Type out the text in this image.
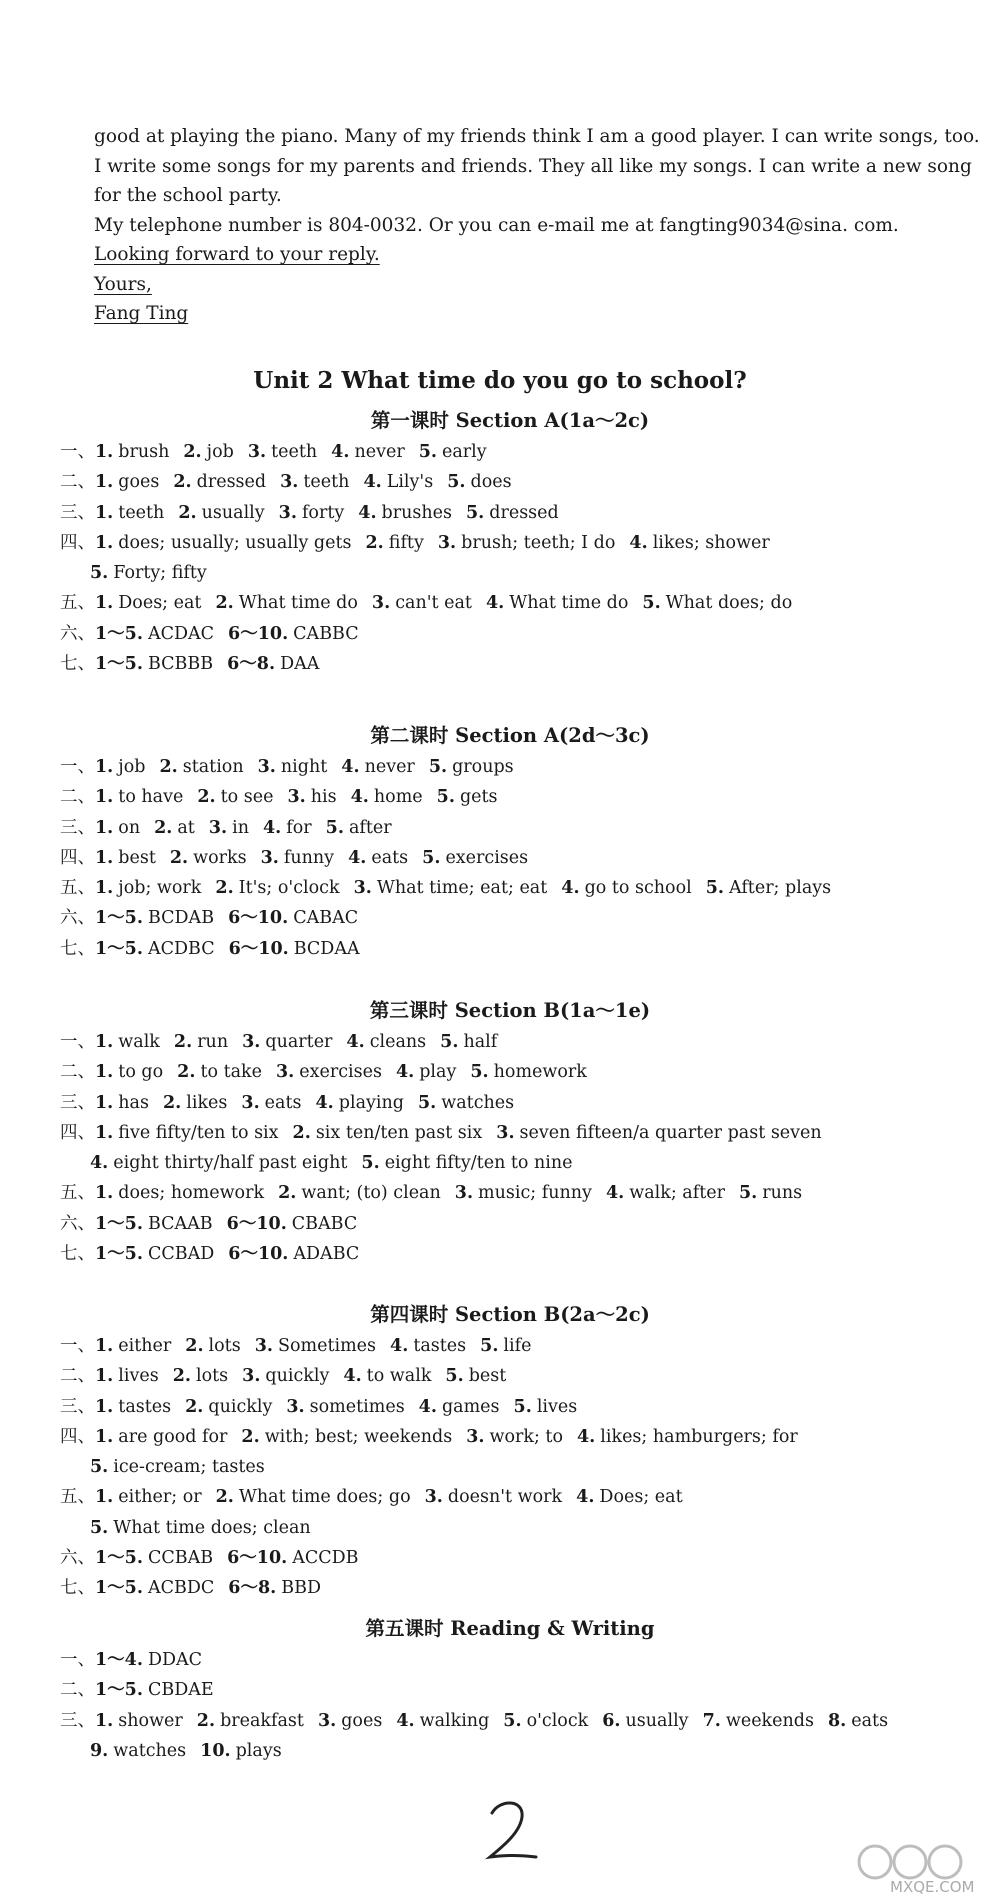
good at playing the piano. Many of my friends think I am a good player. I can write songs, too.
I write some songs for my parents and friends. They all like my songs. I can write a new song
for the school party.
My telephone number is 804-0032. Or you can e-mail me at fangting9034@sina. com.
Looking forward to your reply.
Yours,
Fang Ting
Unit 2 What time do you go to school?
第一课时 Section A(1a～2c)
一、1. brush 2. job 3. teeth 4. never 5. early
二、1. goes 2. dressed 3. teeth 4. Lily's 5. does
三、1. teeth 2. usually 3. forty 4. brushes 5. dressed
四、1. does; usually; usually gets 2. fifty 3. brush; teeth; I do 4. likes; shower
5. Forty; fifty
五、1. Does; eat 2. What time do 3. can't eat 4. What time do 5. What does; do
六、1～5. ACDAC 6～10. CABBC
七、1～5. BCBBB 6～8. DAA
第二课时 Section A(2d～3c)
一、1. job 2. station 3. night 4. never 5. groups
二、1. to have 2. to see 3. his 4. home 5. gets
三、1. on 2. at 3. in 4. for 5. after
四、1. best 2. works 3. funny 4. eats 5. exercises
五、1. job; work 2. It's; o'clock 3. What time; eat; eat 4. go to school 5. After; plays
六、1～5. BCDAB 6～10. CABAC
七、1～5. ACDBC 6～10. BCDAA
第三课时 Section B(1a～1e)
一、1. walk 2. run 3. quarter 4. cleans 5. half
二、1. to go 2. to take 3. exercises 4. play 5. homework
三、1. has 2. likes 3. eats 4. playing 5. watches
四、1. five fifty/ten to six 2. six ten/ten past six 3. seven fifteen/a quarter past seven
4. eight thirty/half past eight 5. eight fifty/ten to nine
五、1. does; homework 2. want; (to) clean 3. music; funny 4. walk; after 5. runs
六、1～5. BCAAB 6～10. CBABC
七、1～5. CCBAD 6～10. ADABC
第四课时 Section B(2a～2c)
一、1. either 2. lots 3. Sometimes 4. tastes 5. life
二、1. lives 2. lots 3. quickly 4. to walk 5. best
三、1. tastes 2. quickly 3. sometimes 4. games 5. lives
四、1. are good for 2. with; best; weekends 3. work; to 4. likes; hamburgers; for
5. ice-cream; tastes
五、1. either; or 2. What time does; go 3. doesn't work 4. Does; eat
5. What time does; clean
六、1～5. CCBAB 6～10. ACCDB
七、1～5. ACBDC 6～8. BBD
第五课时 Reading & Writing
一、1～4. DDAC
二、1～5. CBDAE
三、1. shower 2. breakfast 3. goes 4. walking 5. o'clock 6. usually 7. weekends 8. eats
9. watches 10. plays
MXQE.COM
